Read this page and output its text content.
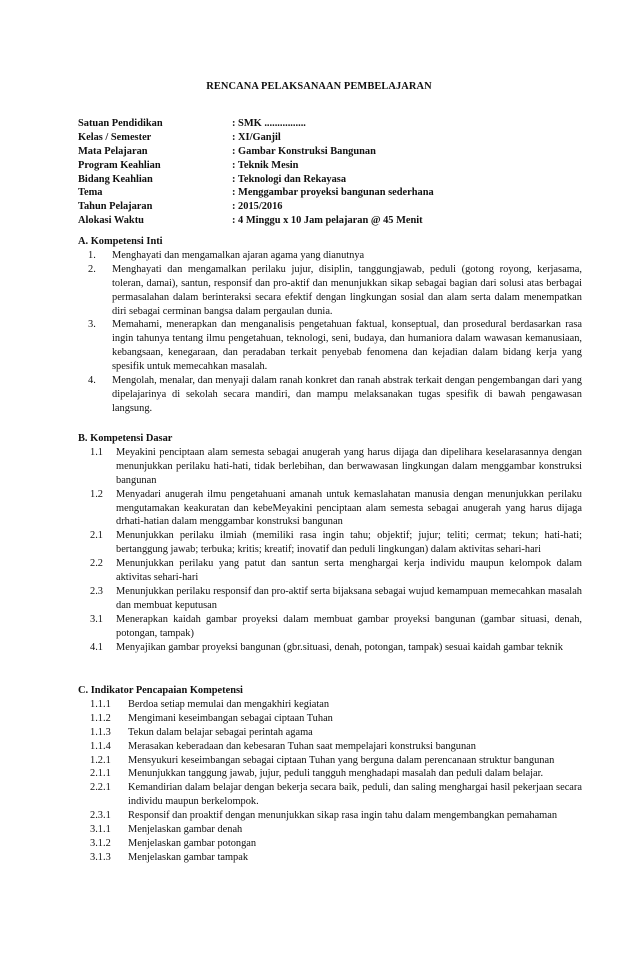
RENCANA PELAKSANAAN PEMBELAJARAN
Satuan Pendidikan	: SMK ................
Kelas / Semester	: XI/Ganjil
Mata Pelajaran	: Gambar Konstruksi Bangunan
Program Keahlian	: Teknik Mesin
Bidang Keahlian	: Teknologi dan Rekayasa
Tema	: Menggambar proyeksi bangunan sederhana
Tahun Pelajaran	: 2015/2016
Alokasi Waktu	: 4 Minggu x 10 Jam pelajaran @ 45 Menit
A. Kompetensi Inti
1.	Menghayati dan mengamalkan ajaran agama yang dianutnya
2.	Menghayati dan mengamalkan perilaku jujur, disiplin, tanggungjawab, peduli (gotong royong, kerjasama, toleran, damai), santun, responsif dan pro-aktif dan menunjukkan sikap sebagai bagian dari solusi atas berbagai permasalahan dalam berinteraksi secara efektif dengan lingkungan sosial dan alam serta dalam menempatkan diri sebagai cerminan bangsa dalam pergaulan dunia.
3.	Memahami, menerapkan dan menganalisis pengetahuan faktual, konseptual, dan prosedural berdasarkan rasa ingin tahunya tentang ilmu pengetahuan, teknologi, seni, budaya, dan humaniora dalam wawasan kemanusiaan, kebangsaan, kenegaraan, dan peradaban terkait penyebab fenomena dan kejadian dalam bidang kerja yang spesifik untuk memecahkan masalah.
4.	Mengolah, menalar, dan menyaji dalam ranah konkret dan ranah abstrak terkait dengan pengembangan dari yang dipelajarinya di sekolah secara mandiri, dan mampu melaksanakan tugas spesifik di bawah pengawasan langsung.
B. Kompetensi Dasar
1.1	Meyakini penciptaan alam semesta sebagai anugerah yang harus dijaga dan dipelihara keselarasannya dengan menunjukkan perilaku hati-hati, tidak berlebihan, dan berwawasan lingkungan dalam menggambar konstruksi bangunan
1.2	Menyadari anugerah ilmu pengetahuani amanah untuk kemaslahatan manusia dengan menunjukkan perilaku mengutamakan keakuratan dan kebeMeyakini penciptaan alam semesta sebagai anugerah yang harus dijaga drhati-hatian dalam menggambar konstruksi bangunan
2.1	Menunjukkan perilaku ilmiah (memiliki rasa ingin tahu; objektif; jujur; teliti; cermat; tekun; hati-hati; bertanggung jawab; terbuka; kritis; kreatif; inovatif dan peduli lingkungan) dalam aktivitas sehari-hari
2.2	Menunjukkan perilaku yang patut dan santun serta menghargai kerja individu maupun kelompok dalam aktivitas sehari-hari
2.3	Menunjukkan perilaku responsif dan pro-aktif serta bijaksana sebagai wujud kemampuan memecahkan masalah dan membuat keputusan
3.1	Menerapkan kaidah gambar proyeksi dalam membuat gambar proyeksi bangunan (gambar situasi, denah, potongan, tampak)
4.1	Menyajikan gambar proyeksi bangunan (gbr.situasi, denah, potongan, tampak) sesuai kaidah gambar teknik
C. Indikator Pencapaian Kompetensi
1.1.1	Berdoa setiap memulai dan mengakhiri kegiatan
1.1.2	Mengimani keseimbangan sebagai ciptaan Tuhan
1.1.3	Tekun dalam belajar sebagai perintah agama
1.1.4	Merasakan keberadaan dan kebesaran Tuhan saat mempelajari konstruksi bangunan
1.2.1	Mensyukuri keseimbangan sebagai ciptaan Tuhan yang berguna dalam perencanaan struktur bangunan
2.1.1	Menunjukkan tanggung jawab, jujur, peduli tangguh menghadapi masalah dan peduli dalam belajar.
2.2.1	Kemandirian dalam belajar dengan bekerja secara baik, peduli, dan saling menghargai hasil pekerjaan secara individu maupun berkelompok.
2.3.1	Responsif dan proaktif dengan menunjukkan sikap rasa ingin tahu dalam mengembangkan pemahaman
3.1.1	Menjelaskan gambar denah
3.1.2	Menjelaskan gambar potongan
3.1.3	Menjelaskan gambar tampak
